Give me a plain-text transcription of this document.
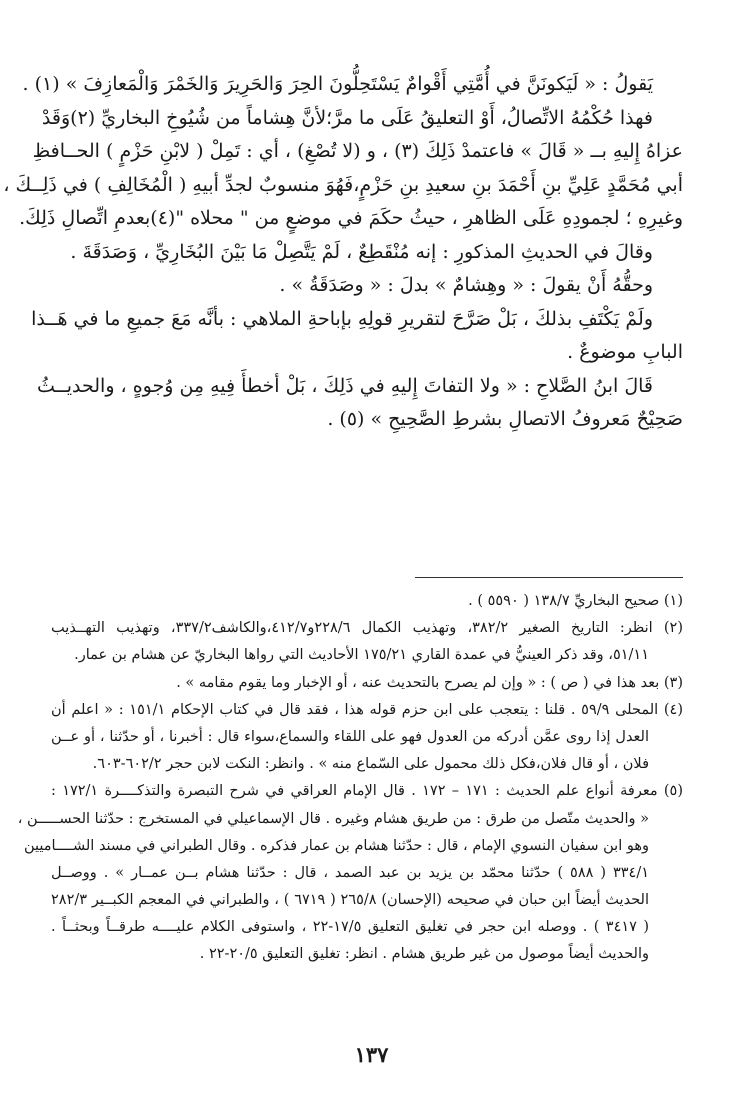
يَقولُ : « لَيَكونَنَّ في أُمَّتِي أَقْوامٌ يَسْتَحِلُّونَ الحِرَ وَالحَرِيرَ وَالخَمْرَ وَالْمَعازِفَ » (١) .
فهذا حُكْمُهُ الاتِّصالُ، أَوْ التعليقُ عَلَى ما مرَّ؛لأنَّ هِشاماً من شُيُوخِ البخاريِّ (٢)وَقَدْ
عزاهُ إِليهِ بــ « قَالَ » فاعتمدْ ذَلِكَ (٣) ، و (لا تُصْغِ) ، أي : تَمِلْ ( لابْنِ حَزْمٍ ) الحــافظِ
أبي مُحَمَّدٍ عَلِيِّ بنِ أَحْمَدَ بنِ سعيدِ بنِ حَزْمٍ،فَهُوَ منسوبٌ لجدِّ أبيهِ ( الْمُخَالِفِ ) في ذَلِــكَ ،
وغيرِهِ ؛ لجمودِهِ عَلَى الظاهرِ ، حيثُ حكَمَ في موضعٍ من " محلاه "(٤)بعدمِ اتِّصالِ ذَلِكَ.
وقالَ في الحديثِ المذكورِ : إنه مُنْقَطِعٌ ، لَمْ يَتَّصِلْ مَا بَيْنَ البُخَارِيِّ ، وَصَدَقَةَ .
وحقُّهُ أَنْ يقولَ : « وهِشامٌ » بدلَ : « وصَدَقَةُ » .
ولَمْ يَكْتَفِ بذلكَ ، بَلْ صَرَّحَ لتقريرِ قولِهِ بإباحةِ الملاهي : بأنَّه مَعَ جميعِ ما في هَــذا
البابِ موضوعٌ .
قَالَ ابنُ الصَّلاحِ : « ولا التفاتَ إِليهِ في ذَلِكَ ، بَلْ أخطأَ فِيهِ مِن وُجوهٍ ، والحديــثُ
صَحِيْحٌ مَعروفُ الاتصالِ بشرطِ الصَّحِيحِ » (٥) .
(١) صحيح البخاريِّ ١٣٨/٧ ( ٥٥٩٠ ) .
(٢) انظر: التاريخ الصغير ٣٨٢/٢، وتهذيب الكمال ٢٢٨/٦و٤١٢/٧،والكاشف٣٣٧/٢، وتهذيب التهــذيب
٥١/١١، وقد ذكر العينيُّ في عمدة القاري ١٧٥/٢١ الأحاديث التي رواها البخاريّ عن هشام بن عمار.
(٣) بعد هذا في ( ص ) : « وإن لم يصرح بالتحديث عنه ، أو الإخبار وما يقوم مقامه » .
(٤) المحلى ٥٩/٩ . قلنا : يتعجب على ابن حزم قوله هذا ، فقد قال في كتاب الإحكام ١٥١/١ : « اعلم أن
العدل إذا روى عمَّن أدركه من العدول فهو على اللقاء والسماع،سواء قال : أخبرنا ، أو حدّثنا ، أو عــن
فلان ، أو قال فلان،فكل ذلك محمول على السّماع منه » . وانظر: النكت لابن حجر ٦٠٢/٢-٦٠٣.
(٥) معرفة أنواع علم الحديث : ١٧١ – ١٧٢ . قال الإمام العراقي في شرح التبصرة والتذكــــرة ١٧٢/١ :
« والحديث متّصل من طرق : من طريق هشام وغيره . قال الإسماعيلي في المستخرج : حدّثنا الحســـــن ،
وهو ابن سفيان النسوي الإمام ، قال : حدّثنا هشام بن عمار فذكره . وقال الطبراني في مسند الشــــاميين
٣٣٤/١ ( ٥٨٨ ) حدّثنا محمّد بن يزيد بن عبد الصمد ، قال : حدّثنا هشام بــن عمــار » . ووصــل
الحديث أيضاً ابن حبان في صحيحه (الإحسان) ٢٦٥/٨ ( ٦٧١٩ ) ، والطبراني في المعجم الكبــير ٢٨٢/٣
( ٣٤١٧ ) . ووصله ابن حجر في تغليق التعليق ١٧/٥-٢٢ ، واستوفى الكلام عليــــه طرقــاً وبحثــاً .
والحديث أيضاً موصول من غير طريق هشام . انظر: تغليق التعليق ٢٠/٥-٢٢ .
١٣٧
